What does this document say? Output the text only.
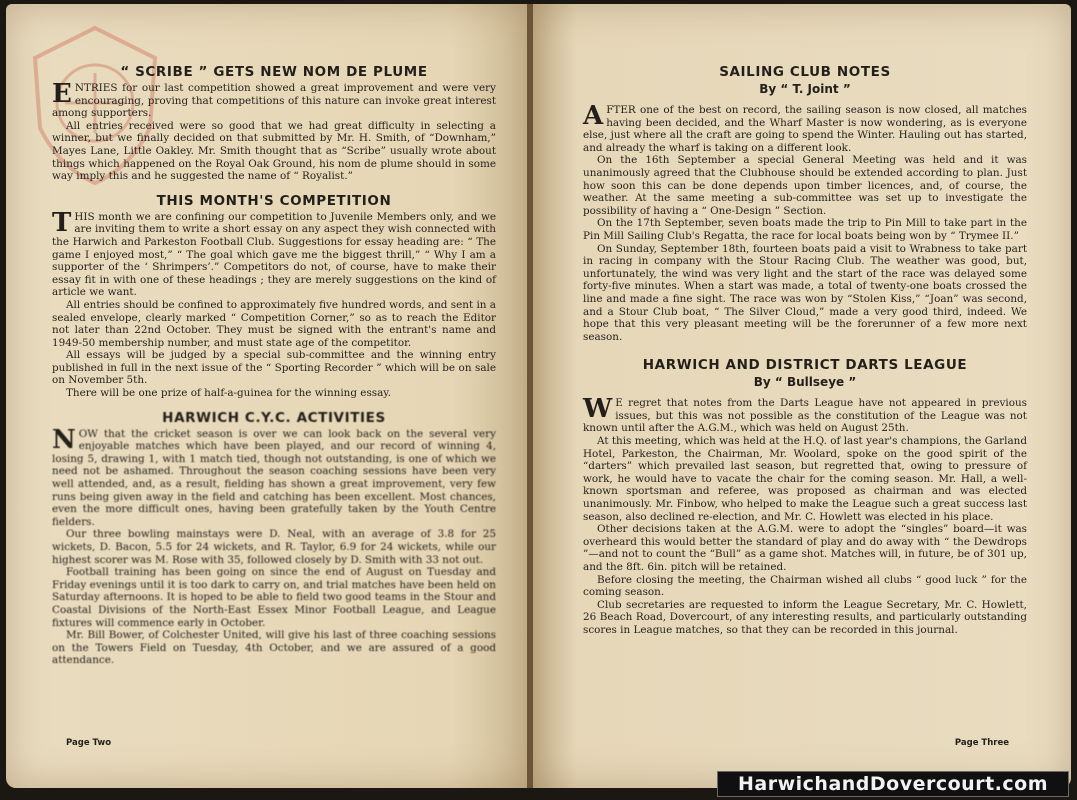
“ SCRIBE ” GETS NEW NOM DE PLUME

ENTRIES for our last competition showed a great improvement and were very encouraging, proving that competitions of this nature can invoke great interest among supporters.

All entries received were so good that we had great difficulty in selecting a winner, but we finally decided on that submitted by Mr. H. Smith, of “Downham,” Mayes Lane, Little Oakley. Mr. Smith thought that as “Scribe” usually wrote about things which happened on the Royal Oak Ground, his nom de plume should in some way imply this and he suggested the name of “ Royalist.”

THIS MONTH'S COMPETITION

THIS month we are confining our competition to Juvenile Members only, and we are inviting them to write a short essay on any aspect they wish connected with the Harwich and Parkeston Football Club. Suggestions for essay heading are: “ The game I enjoyed most,” “ The goal which gave me the biggest thrill,” “ Why I am a supporter of the ‘ Shrimpers’.” Competitors do not, of course, have to make their essay fit in with one of these headings ; they are merely suggestions on the kind of article we want.

All entries should be confined to approximately five hundred words, and sent in a sealed envelope, clearly marked “ Competition Corner,” so as to reach the Editor not later than 22nd October. They must be signed with the entrant's name and 1949-50 membership number, and must state age of the competitor.

All essays will be judged by a special sub-committee and the winning entry published in full in the next issue of the “ Sporting Recorder ” which will be on sale on November 5th.

There will be one prize of half-a-guinea for the winning essay.

HARWICH C.Y.C. ACTIVITIES

NOW that the cricket season is over we can look back on the several very enjoyable matches which have been played, and our record of winning 4, losing 5, drawing 1, with 1 match tied, though not outstanding, is one of which we need not be ashamed. Throughout the season coaching sessions have been very well attended, and, as a result, fielding has shown a great improvement, very few runs being given away in the field and catching has been excellent. Most chances, even the more difficult ones, having been gratefully taken by the Youth Centre fielders.

Our three bowling mainstays were D. Neal, with an average of 3.8 for 25 wickets, D. Bacon, 5.5 for 24 wickets, and R. Taylor, 6.9 for 24 wickets, while our highest scorer was M. Rose with 35, followed closely by D. Smith with 33 not out.

Football training has been going on since the end of August on Tuesday and Friday evenings until it is too dark to carry on, and trial matches have been held on Saturday afternoons. It is hoped to be able to field two good teams in the Stour and Coastal Divisions of the North-East Essex Minor Football League, and League fixtures will commence early in October.

Mr. Bill Bower, of Colchester United, will give his last of three coaching sessions on the Towers Field on Tuesday, 4th October, and we are assured of a good attendance.

Page Two
SAILING CLUB NOTES
By “ T. Joint ”

AFTER one of the best on record, the sailing season is now closed, all matches having been decided, and the Wharf Master is now wondering, as is everyone else, just where all the craft are going to spend the Winter. Hauling out has started, and already the wharf is taking on a different look.

On the 16th September a special General Meeting was held and it was unanimously agreed that the Clubhouse should be extended according to plan. Just how soon this can be done depends upon timber licences, and, of course, the weather. At the same meeting a sub-committee was set up to investigate the possibility of having a “ One-Design ” Section.

On the 17th September, seven boats made the trip to Pin Mill to take part in the Pin Mill Sailing Club's Regatta, the race for local boats being won by “ Trymee II.”

On Sunday, September 18th, fourteen boats paid a visit to Wrabness to take part in racing in company with the Stour Racing Club. The weather was good, but, unfortunately, the wind was very light and the start of the race was delayed some forty-five minutes. When a start was made, a total of twenty-one boats crossed the line and made a fine sight. The race was won by “Stolen Kiss,” “Joan” was second, and a Stour Club boat, “ The Silver Cloud,” made a very good third, indeed. We hope that this very pleasant meeting will be the forerunner of a few more next season.

HARWICH AND DISTRICT DARTS LEAGUE
By “ Bullseye ”

W E regret that notes from the Darts League have not appeared in previous issues, but this was not possible as the constitution of the League was not known until after the A.G.M., which was held on August 25th.

At this meeting, which was held at the H.Q. of last year's champions, the Garland Hotel, Parkeston, the Chairman, Mr. Woolard, spoke on the good spirit of the “darters” which prevailed last season, but regretted that, owing to pressure of work, he would have to vacate the chair for the coming season. Mr. Hall, a well-known sportsman and referee, was proposed as chairman and was elected unanimously. Mr. Finbow, who helped to make the League such a great success last season, also declined re-election, and Mr. C. Howlett was elected in his place.

Other decisions taken at the A.G.M. were to adopt the “singles” board—it was overheard this would better the standard of play and do away with “ the Dewdrops ”—and not to count the “Bull” as a game shot. Matches will, in future, be of 301 up, and the 8ft. 6in. pitch will be retained.

Before closing the meeting, the Chairman wished all clubs “ good luck ” for the coming season.

Club secretaries are requested to inform the League Secretary, Mr. C. Howlett, 26 Beach Road, Dovercourt, of any interesting results, and particularly outstanding scores in League matches, so that they can be recorded in this journal.

Page Three
HarwichandDovercourt.com
